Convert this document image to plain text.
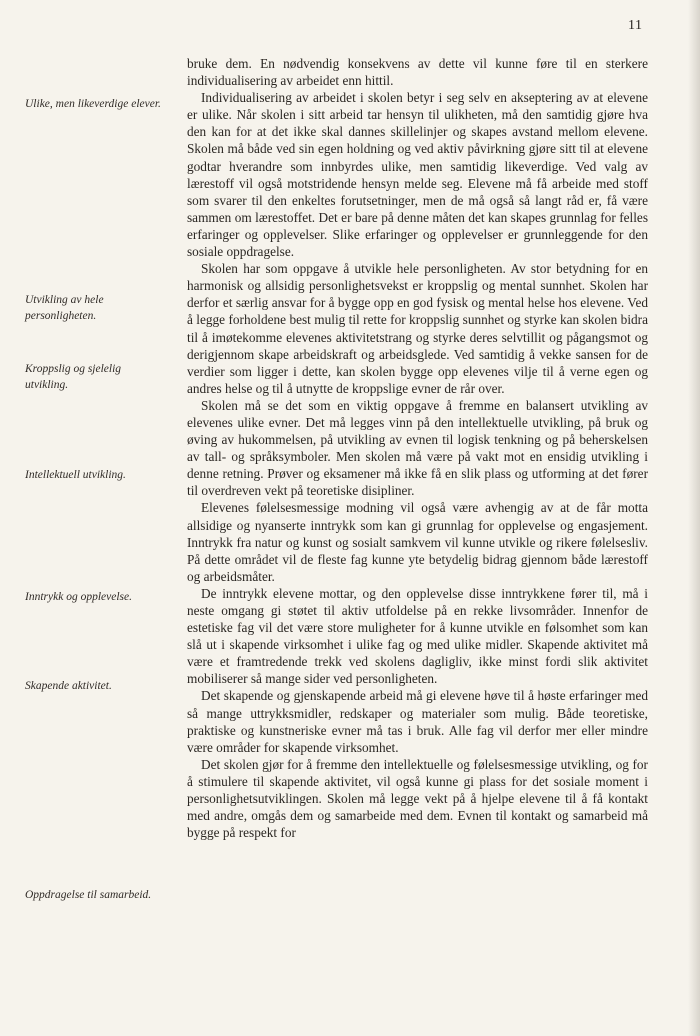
11
Ulike, men likeverdige elever.
Utvikling av hele personligheten.
Kroppslig og sjelelig utvikling.
Intellektuell utvikling.
Inntrykk og opplevelse.
Skapende aktivitet.
Oppdragelse til samarbeid.

bruke dem. En nødvendig konsekvens av dette vil kunne føre til en sterkere individualisering av arbeidet enn hittil.

Individualisering av arbeidet i skolen betyr i seg selv en akseptering av at elevene er ulike. Når skolen i sitt arbeid tar hensyn til ulikheten, må den samtidig gjøre hva den kan for at det ikke skal dannes skillelinjer og skapes avstand mellom elevene. Skolen må både ved sin egen holdning og ved aktiv påvirkning gjøre sitt til at elevene godtar hverandre som innbyrdes ulike, men samtidig likeverdige. Ved valg av lærestoff vil også motstridende hensyn melde seg. Elevene må få arbeide med stoff som svarer til den enkeltes forutsetninger, men de må også så langt råd er, få være sammen om lærestoffet. Det er bare på denne måten det kan skapes grunnlag for felles erfaringer og opplevelser. Slike erfaringer og opplevelser er grunnleggende for den sosiale oppdragelse.

Skolen har som oppgave å utvikle hele personligheten. Av stor betydning for en harmonisk og allsidig personlighetsvekst er kroppslig og mental sunnhet. Skolen har derfor et særlig ansvar for å bygge opp en god fysisk og mental helse hos elevene. Ved å legge forholdene best mulig til rette for kroppslig sunnhet og styrke kan skolen bidra til å imøtekomme elevenes aktivitetstrang og styrke deres selvtillit og pågangsmot og derigjennom skape arbeidskraft og arbeidsglede. Ved samtidig å vekke sansen for de verdier som ligger i dette, kan skolen bygge opp elevenes vilje til å verne egen og andres helse og til å utnytte de kroppslige evner de rår over.

Skolen må se det som en viktig oppgave å fremme en balansert utvikling av elevenes ulike evner. Det må legges vinn på den intellektuelle utvikling, på bruk og øving av hukommelsen, på utvikling av evnen til logisk tenkning og på beherskelsen av tall- og språksymboler. Men skolen må være på vakt mot en ensidig utvikling i denne retning. Prøver og eksamener må ikke få en slik plass og utforming at det fører til overdreven vekt på teoretiske disipliner.

Elevenes følelsesmessige modning vil også være avhengig av at de får motta allsidige og nyanserte inntrykk som kan gi grunnlag for opplevelse og engasjement. Inntrykk fra natur og kunst og sosialt samkvem vil kunne utvikle og rikere følelsesliv. På dette området vil de fleste fag kunne yte betydelig bidrag gjennom både lærestoff og arbeidsmåter.

De inntrykk elevene mottar, og den opplevelse disse inntrykkene fører til, må i neste omgang gi støtet til aktiv utfoldelse på en rekke livsområder. Innenfor de estetiske fag vil det være store muligheter for å kunne utvikle en følsomhet som kan slå ut i skapende virksomhet i ulike fag og med ulike midler. Skapende aktivitet må være et framtredende trekk ved skolens dagligliv, ikke minst fordi slik aktivitet mobiliserer så mange sider ved personligheten.

Det skapende og gjenskapende arbeid må gi elevene høve til å høste erfaringer med så mange uttrykksmidler, redskaper og materialer som mulig. Både teoretiske, praktiske og kunstneriske evner må tas i bruk. Alle fag vil derfor mer eller mindre være områder for skapende virksomhet.

Det skolen gjør for å fremme den intellektuelle og følelsesmessige utvikling, og for å stimulere til skapende aktivitet, vil også kunne gi plass for det sosiale moment i personlighetsutviklingen. Skolen må legge vekt på å hjelpe elevene til å få kontakt med andre, omgås dem og samarbeide med dem. Evnen til kontakt og samarbeid må bygge på respekt for
